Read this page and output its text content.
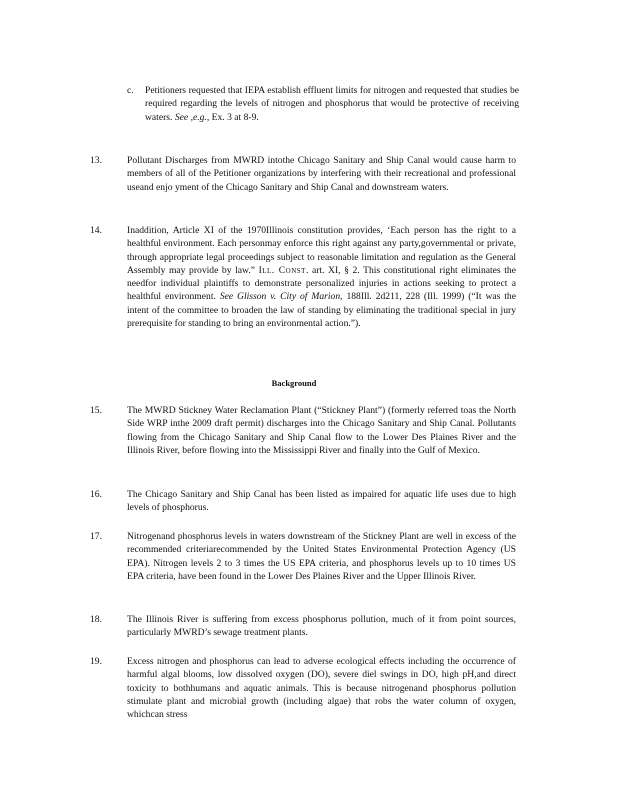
c. Petitioners requested that IEPA establish effluent limits for nitrogen and requested that studies be required regarding the levels of nitrogen and phosphorus that would be protective of receiving waters. See ,e.g., Ex. 3 at 8-9.
13.	Pollutant Discharges from MWRD intothe Chicago Sanitary and Ship Canal would cause harm to members of all of the Petitioner organizations by interfering with their recreational and professional useand enjo yment of the Chicago Sanitary and Ship Canal and downstream waters.
14.	Inaddition, Article XI of the 1970Illinois constitution provides, ‘Each person has the right to a healthful environment. Each personmay enforce this right against any party,governmental or private, through appropriate legal proceedings subject to reasonable limitation and regulation as the General Assembly may provide by law.” Ill. Const. art. XI, § 2. This constitutional right eliminates the needfor individual plaintiffs to demonstrate personalized injuries in actions seeking to protect a healthful environment. See Glisson v. City of Marion, 188Ill. 2d211, 228 (Ill. 1999) (“It was the intent of the committee to broaden the law of standing by eliminating the traditional special in jury prerequisite for standing to bring an environmental action.”).
Background
15.	The MWRD Stickney Water Reclamation Plant (“Stickney Plant”) (formerly referred toas the North Side WRP inthe 2009 draft permit) discharges into the Chicago Sanitary and Ship Canal. Pollutants flowing from the Chicago Sanitary and Ship Canal flow to the Lower Des Plaines River and the Illinois River, before flowing into the Mississippi River and finally into the Gulf of Mexico.
16.	The Chicago Sanitary and Ship Canal has been listed as impaired for aquatic life uses due to high levels of phosphorus.
17.	Nitrogenand phosphorus levels in waters downstream of the Stickney Plant are well in excess of the recommended criteriarecommended by the United States Environmental Protection Agency (US EPA). Nitrogen levels 2 to 3 times the US EPA criteria, and phosphorus levels up to 10 times US EPA criteria, have been found in the Lower Des Plaines River and the Upper Illinois River.
18.	The Illinois River is suffering from excess phosphorus pollution, much of it from point sources, particularly MWRD’s sewage treatment plants.
19.	Excess nitrogen and phosphorus can lead to adverse ecological effects including the occurrence of harmful algal blooms, low dissolved oxygen (DO), severe diel swings in DO, high pH,and direct toxicity to bothhumans and aquatic animals. This is because nitrogenand phosphorus pollution stimulate plant and microbial growth (including algae) that robs the water column of oxygen, whichcan stress
